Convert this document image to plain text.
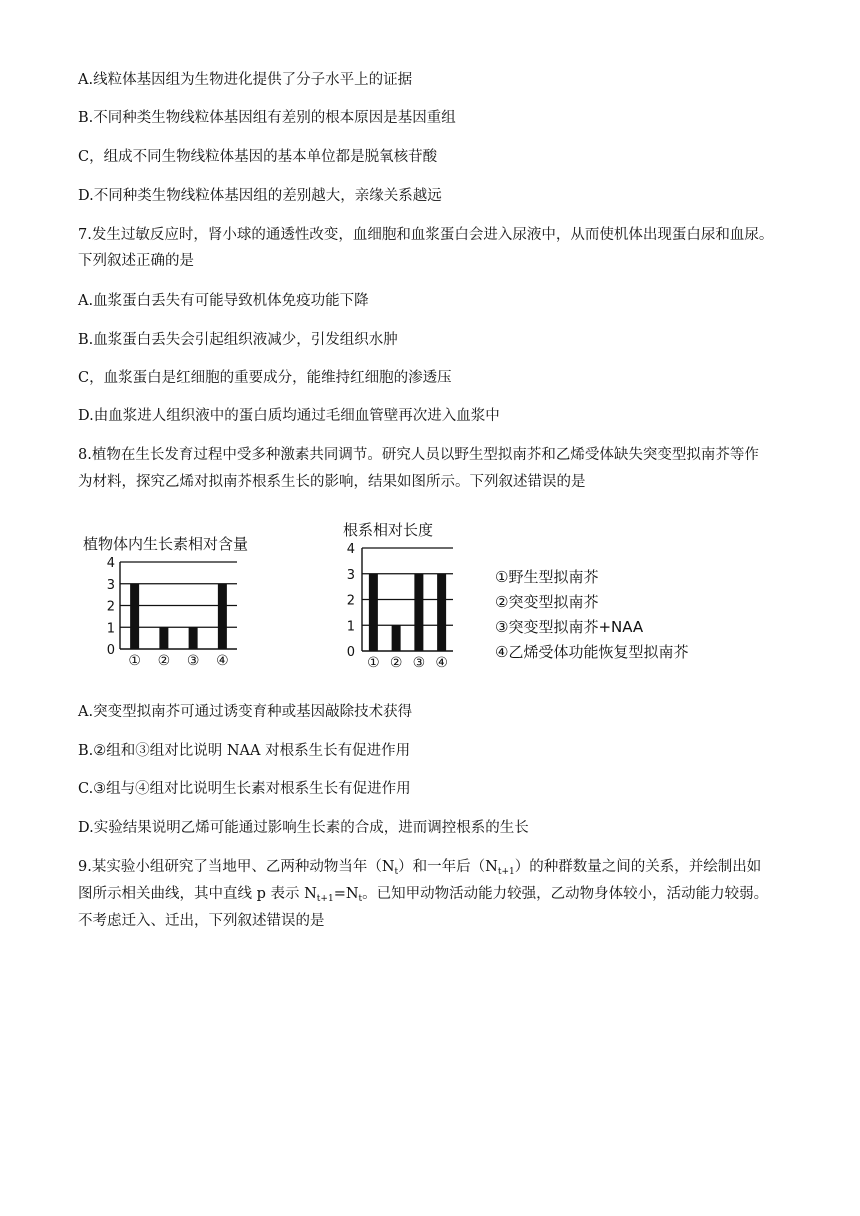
A.线粒体基因组为生物进化提供了分子水平上的证据
B.不同种类生物线粒体基因组有差别的根本原因是基因重组
C，组成不同生物线粒体基因的基本单位都是脱氧核苷酸
D.不同种类生物线粒体基因组的差别越大，亲缘关系越远
7.发生过敏反应时，肾小球的通透性改变，血细胞和血浆蛋白会进入尿液中，从而使机体出现蛋白尿和血尿。
下列叙述正确的是
A.血浆蛋白丢失有可能导致机体免疫功能下降
B.血浆蛋白丢失会引起组织液减少，引发组织水肿
C，血浆蛋白是红细胞的重要成分，能维持红细胞的渗透压
D.由血浆进人组织液中的蛋白质均通过毛细血管壁再次进入血浆中
8.植物在生长发育过程中受多种激素共同调节。研究人员以野生型拟南芥和乙烯受体缺失突变型拟南芥等作
为材料，探究乙烯对拟南芥根系生长的影响，结果如图所示。下列叙述错误的是
植物体内生长素相对含量
0
1
2
3
4
① ② ③ ④
根系相对长度
0
1
2
3
4
① ② ③ ④
①野生型拟南芥
②突变型拟南芥
③突变型拟南芥+NAA
④乙烯受体功能恢复型拟南芥
A.突变型拟南芥可通过诱变育种或基因敲除技术获得
B.②组和③组对比说明 NAA 对根系生长有促进作用
C.③组与④组对比说明生长素对根系生长有促进作用
D.实验结果说明乙烯可能通过影响生长素的合成，进而调控根系的生长
9.某实验小组研究了当地甲、乙两种动物当年$(N_t)$和一年后$(N_{t+1})$的种群数量之间的关系，并绘制出如
图所示相关曲线，其中直线 p 表示 $N_{t+1}=N_t$。已知甲动物活动能力较强，乙动物身体较小，活动能力较弱。
不考虑迁入、迁出，下列叙述错误的是
